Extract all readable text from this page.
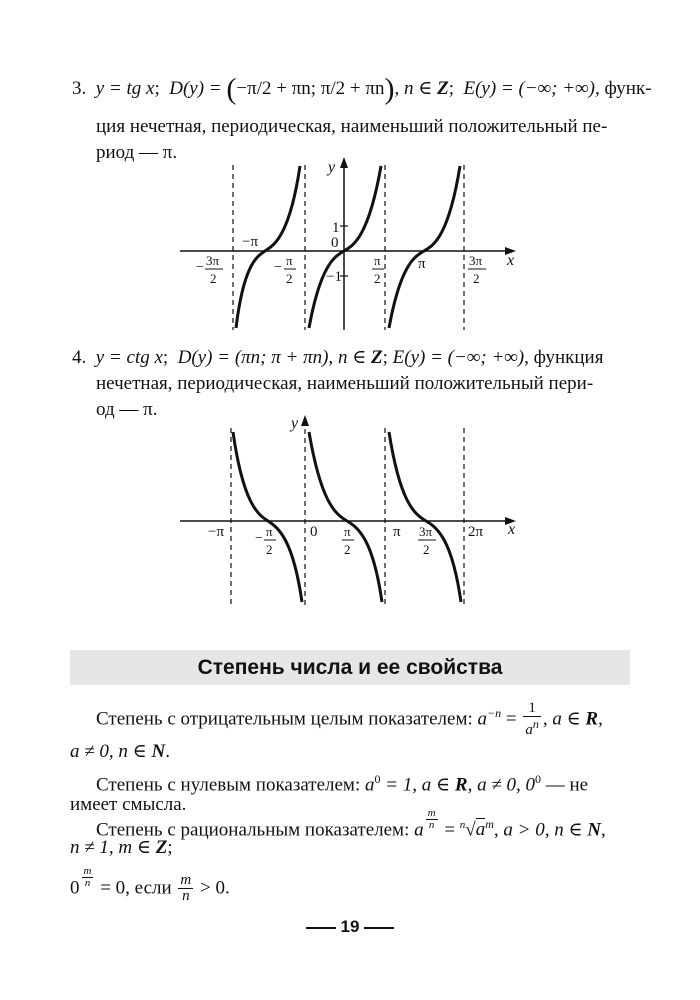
3. y = tg x;  D(y) = (−π/2 + πn; π/2 + πn), n ∈ Z;  E(y) = (−∞; +∞), функ-
ция нечетная, периодическая, наименьший положительный пе-
риод — π.
y
x
1
0
−1
−π
π
− 3π
2
− π
2
π
2
3π
2
4. y = ctg x;  D(y) = (πn; π + πn), n ∈ Z; E(y) = (−∞; +∞), функция
нечетная, периодическая, наименьший положительный пери-
од — π.
y
x
−π	0	π	2π
− π
2
π
2
3π
2
Степень числа и ее свойства
Степень с отрицательным целым показателем: $a^{-n} = \frac{1}{a^n}$ , a ∈ R,
a ≠ 0, n ∈ N.
Степень с нулевым показателем: $a^0 = 1$, a ∈ R, a ≠ 0, $0^0$ — не
имеет смысла.
Степень с рациональным показателем: a $\frac{m}{n} = ^n√a^m$, a > 0, n ∈ N,
n ≠ 1, m ∈ Z;
$0 \frac{m}{n} = 0$, если $\frac{m}{n} > 0$.
19
